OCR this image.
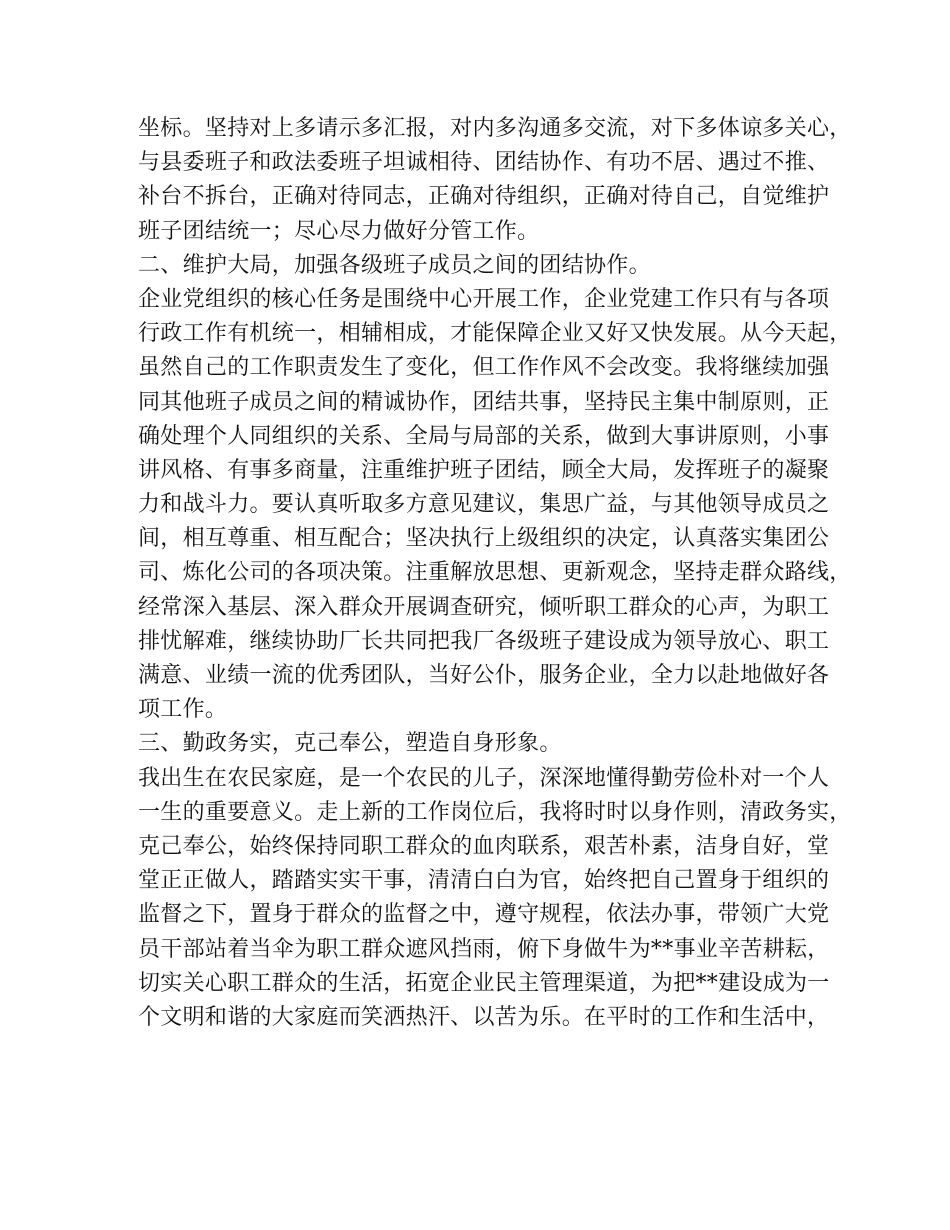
坐标。坚持对上多请示多汇报，对内多沟通多交流，对下多体谅多关心，
与县委班子和政法委班子坦诚相待、团结协作、有功不居、遇过不推、
补台不拆台，正确对待同志，正确对待组织，正确对待自己，自觉维护
班子团结统一；尽心尽力做好分管工作。
二、维护大局，加强各级班子成员之间的团结协作。
企业党组织的核心任务是围绕中心开展工作，企业党建工作只有与各项
行政工作有机统一，相辅相成，才能保障企业又好又快发展。从今天起，
虽然自己的工作职责发生了变化，但工作作风不会改变。我将继续加强
同其他班子成员之间的精诚协作，团结共事，坚持民主集中制原则，正
确处理个人同组织的关系、全局与局部的关系，做到大事讲原则，小事
讲风格、有事多商量，注重维护班子团结，顾全大局，发挥班子的凝聚
力和战斗力。要认真听取多方意见建议，集思广益，与其他领导成员之
间，相互尊重、相互配合；坚决执行上级组织的决定，认真落实集团公
司、炼化公司的各项决策。注重解放思想、更新观念，坚持走群众路线，
经常深入基层、深入群众开展调查研究，倾听职工群众的心声，为职工
排忧解难，继续协助厂长共同把我厂各级班子建设成为领导放心、职工
满意、业绩一流的优秀团队，当好公仆，服务企业，全力以赴地做好各
项工作。
三、勤政务实，克己奉公，塑造自身形象。
我出生在农民家庭，是一个农民的儿子，深深地懂得勤劳俭朴对一个人
一生的重要意义。走上新的工作岗位后，我将时时以身作则，清政务实，
克己奉公，始终保持同职工群众的血肉联系，艰苦朴素，洁身自好，堂
堂正正做人，踏踏实实干事，清清白白为官，始终把自己置身于组织的
监督之下，置身于群众的监督之中，遵守规程，依法办事，带领广大党
员干部站着当伞为职工群众遮风挡雨，俯下身做牛为**事业辛苦耕耘，
切实关心职工群众的生活，拓宽企业民主管理渠道，为把**建设成为一
个文明和谐的大家庭而笑洒热汗、以苦为乐。在平时的工作和生活中，
